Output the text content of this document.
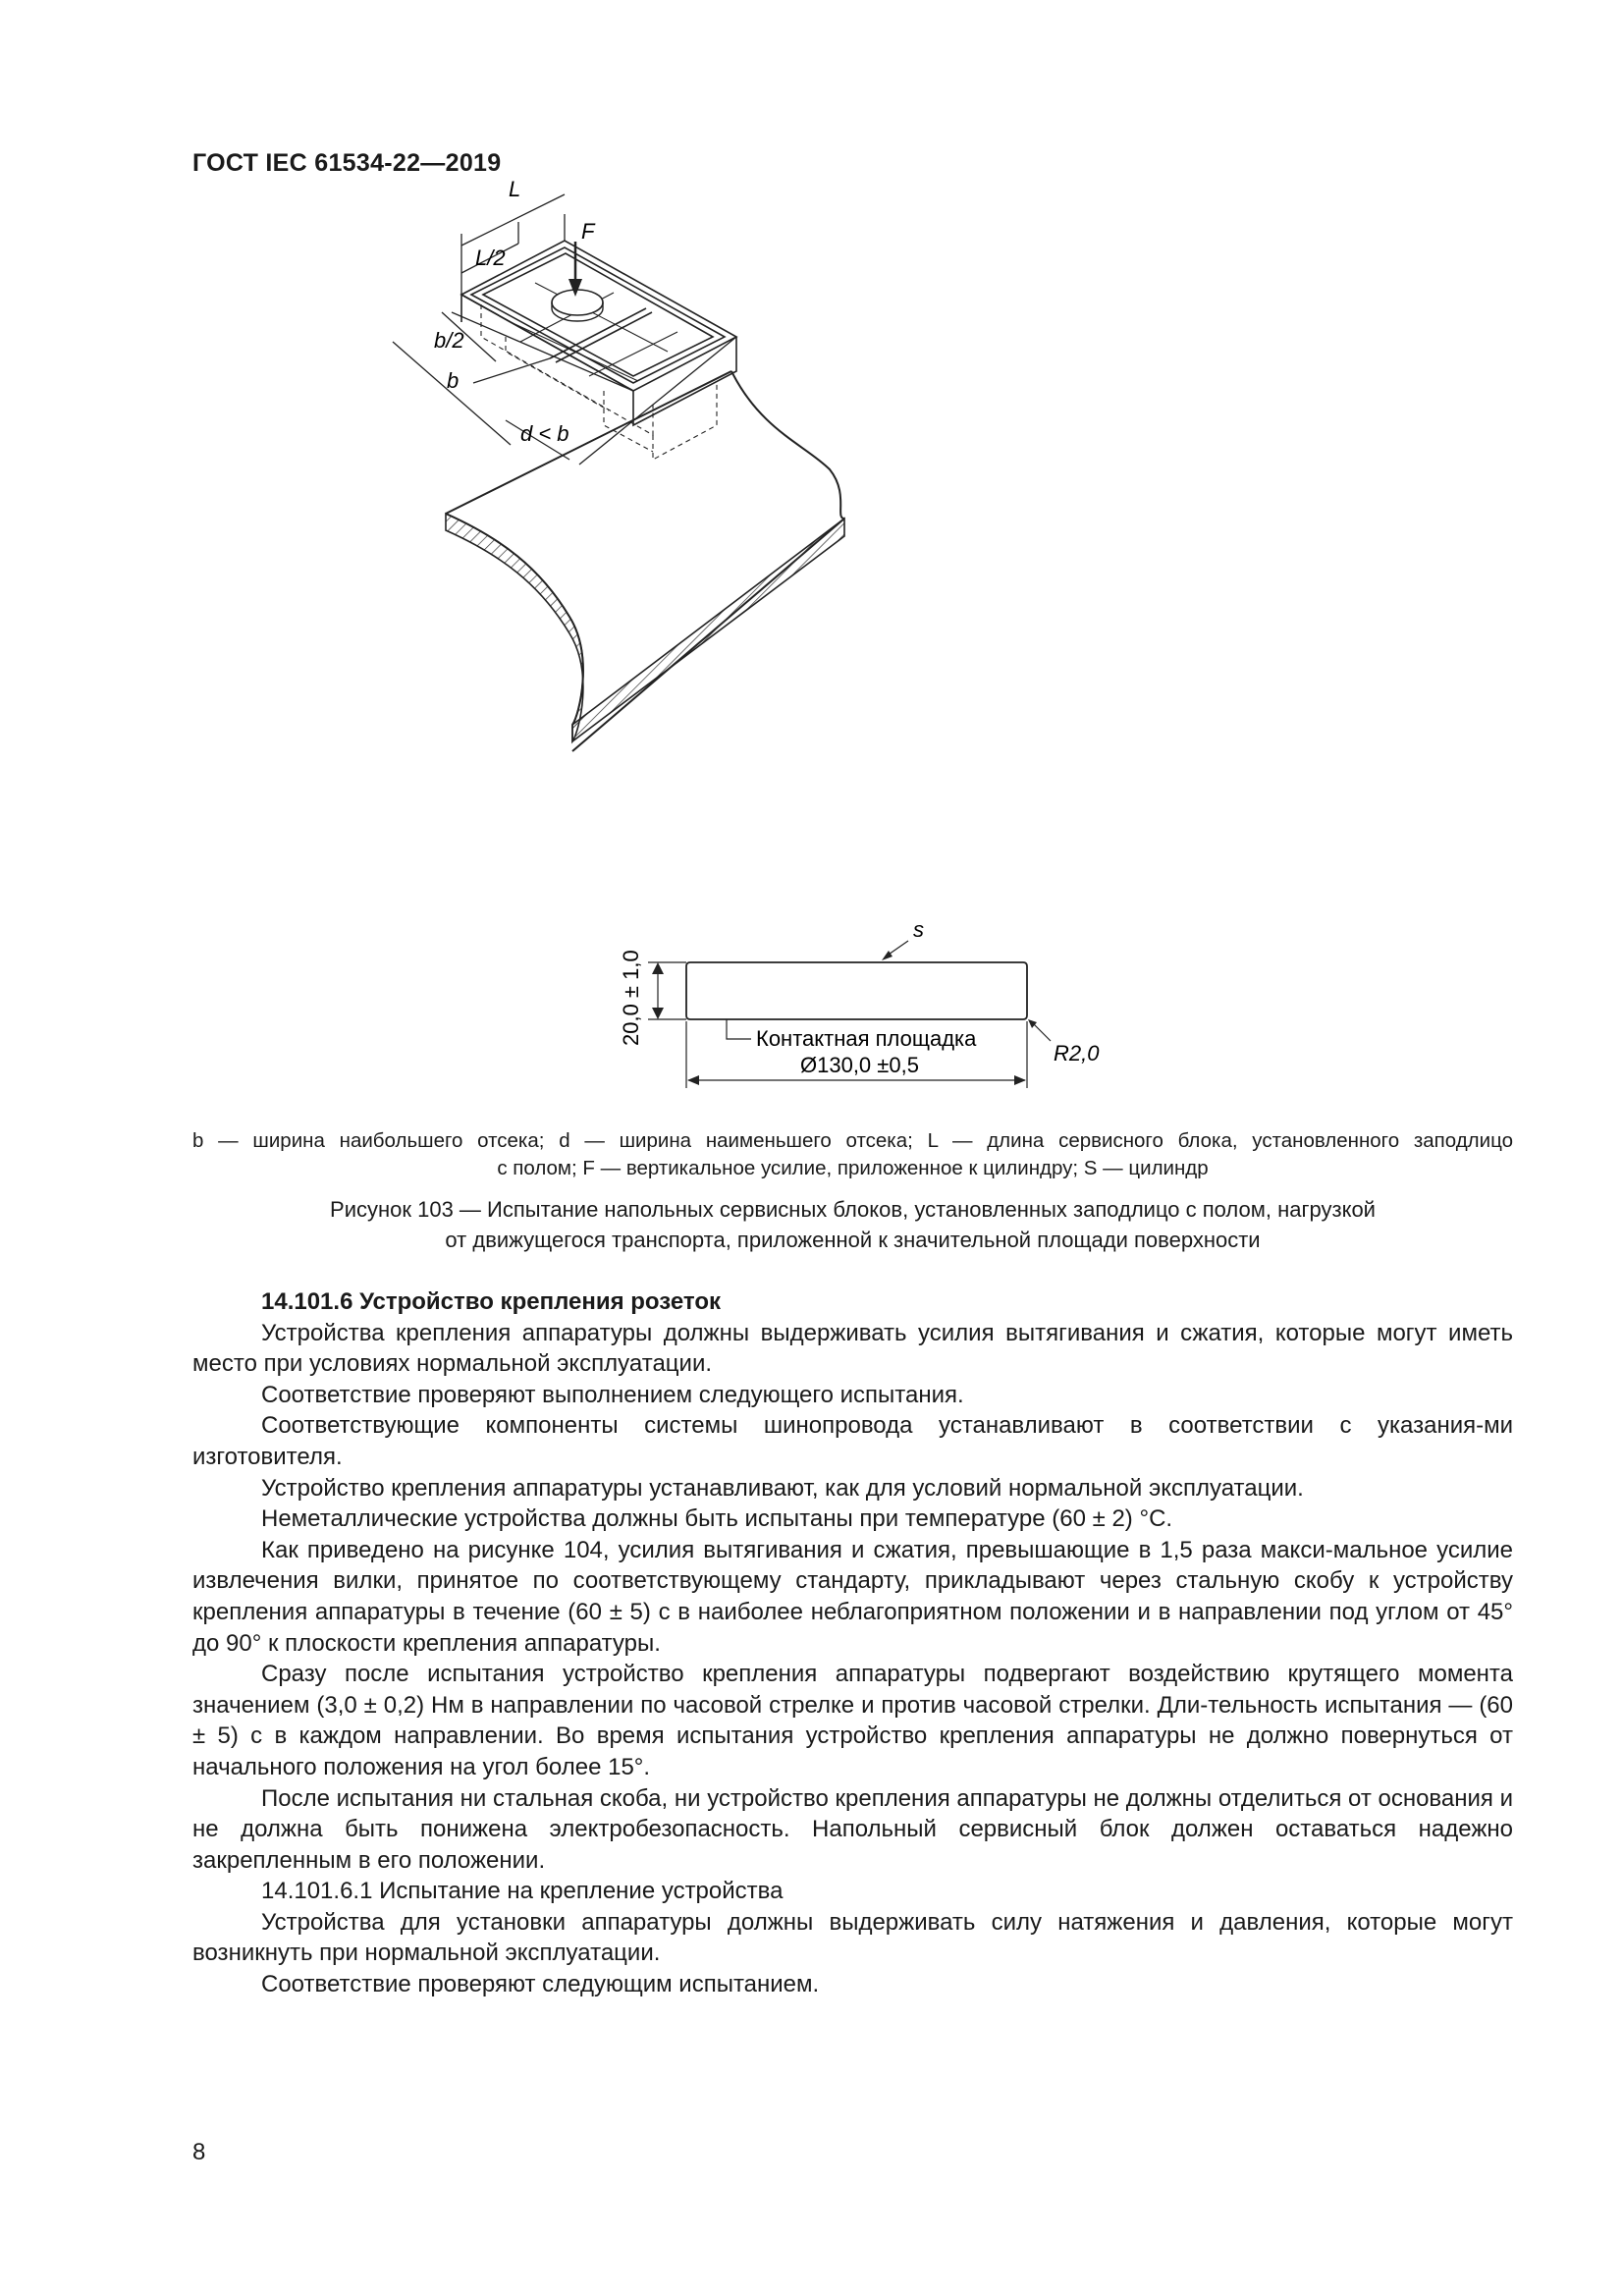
ГОСТ IEC 61534-22—2019
F
L
L/2
b/2
b
d < b
s
20,0 ± 1,0	Контактная площадка
Ø130,0 ±0,5	R2,0
b — ширина наибольшего отсека; d — ширина наименьшего отсека; L — длина сервисного блока, установленного заподлицо
с полом; F — вертикальное усилие, приложенное к цилиндру; S — цилиндр
Рисунок 103 — Испытание напольных сервисных блоков, установленных заподлицо с полом, нагрузкой
от движущегося транспорта, приложенной к значительной площади поверхности

14.101.6 Устройство крепления розеток

Устройства крепления аппаратуры должны выдерживать усилия вытягивания и сжатия, которые могут иметь место при условиях нормальной эксплуатации.

Соответствие проверяют выполнением следующего испытания.

Соответствующие компоненты системы шинопровода устанавливают в соответствии с указания-ми изготовителя.

Устройство крепления аппаратуры устанавливают, как для условий нормальной эксплуатации.

Неметаллические устройства должны быть испытаны при температуре (60 ± 2) °С.

Как приведено на рисунке 104, усилия вытягивания и сжатия, превышающие в 1,5 раза макси-мальное усилие извлечения вилки, принятое по соответствующему стандарту, прикладывают через стальную скобу к устройству крепления аппаратуры в течение (60 ± 5) с в наиболее неблагоприятном положении и в направлении под углом от 45° до 90° к плоскости крепления аппаратуры.

Сразу после испытания устройство крепления аппаратуры подвергают воздействию крутящего момента значением (3,0 ± 0,2) Нм в направлении по часовой стрелке и против часовой стрелки. Дли-тельность испытания — (60 ± 5) с в каждом направлении. Во время испытания устройство крепления аппаратуры не должно повернуться от начального положения на угол более 15°.

После испытания ни стальная скоба, ни устройство крепления аппаратуры не должны отделиться от основания и не должна быть понижена электробезопасность. Напольный сервисный блок должен оставаться надежно закрепленным в его положении.

14.101.6.1 Испытание на крепление устройства

Устройства для установки аппаратуры должны выдерживать силу натяжения и давления, которые могут возникнуть при нормальной эксплуатации.

Соответствие проверяют следующим испытанием.

8
